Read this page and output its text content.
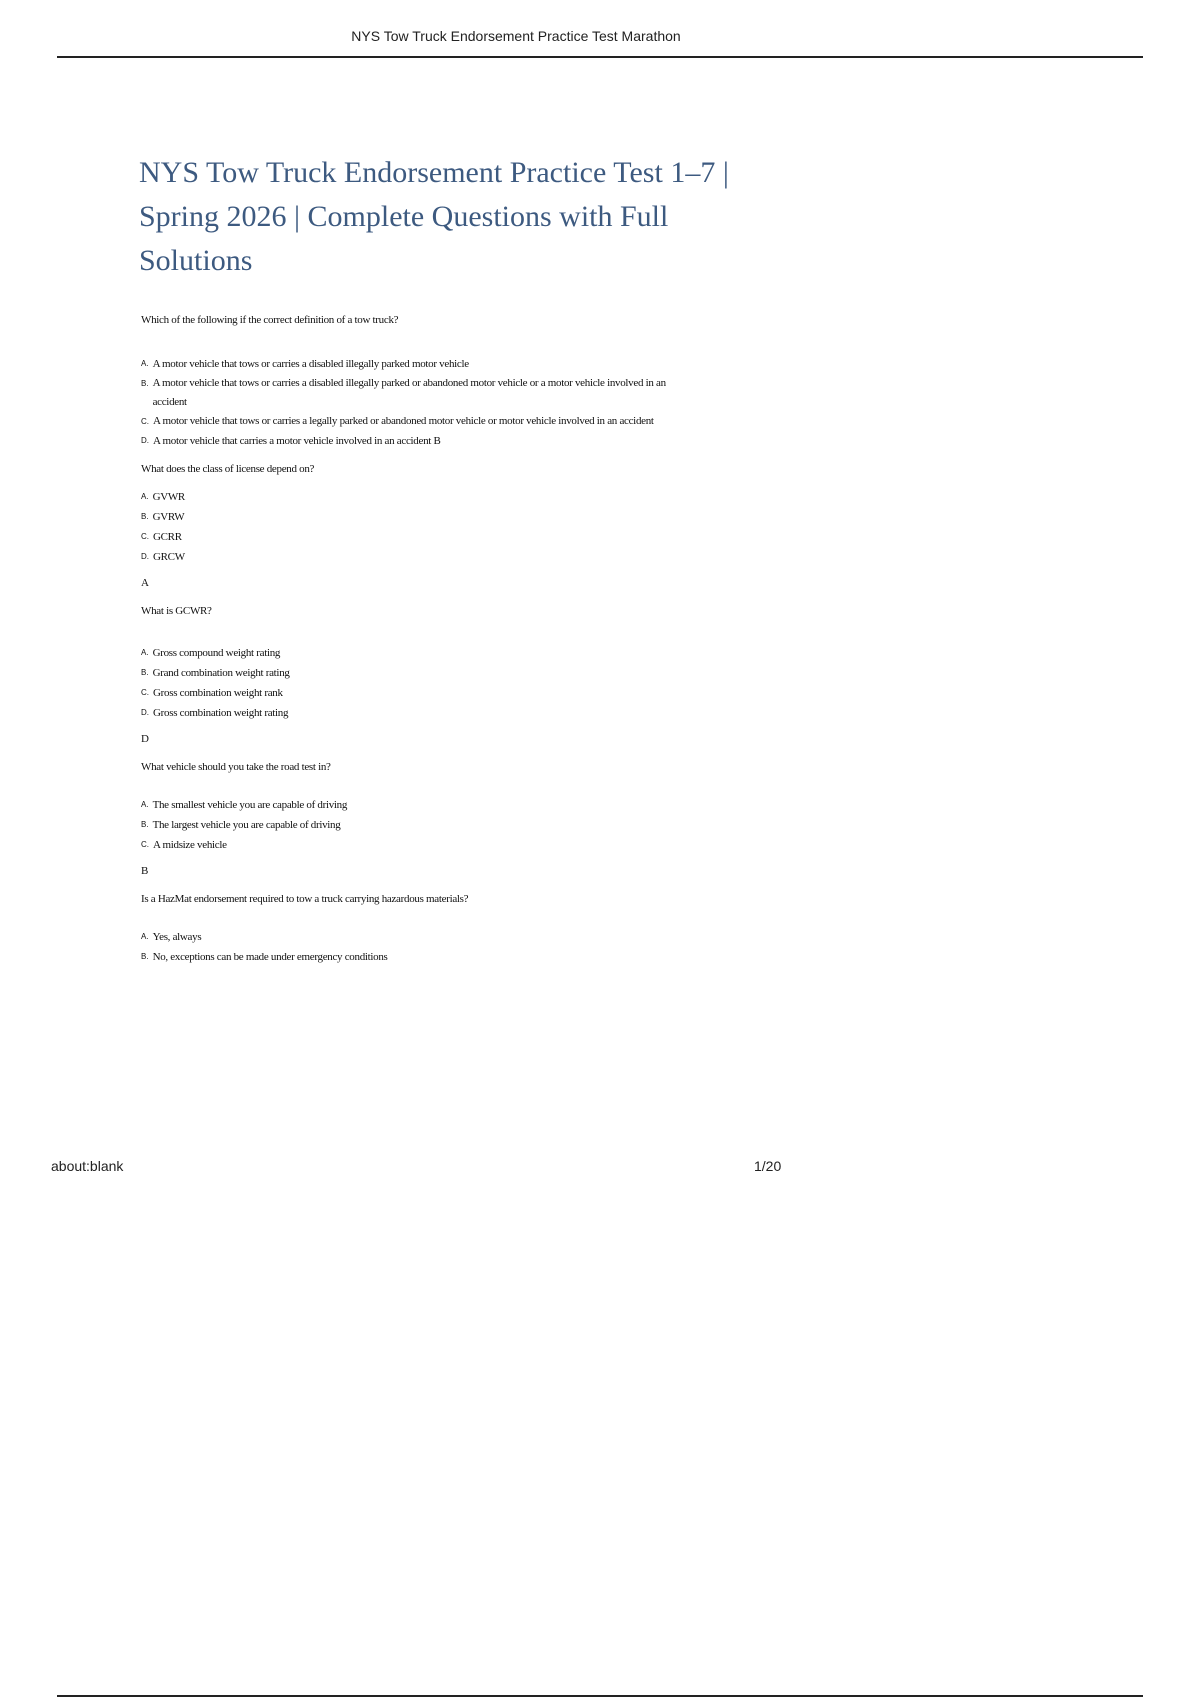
NYS Tow Truck Endorsement Practice Test Marathon
NYS Tow Truck Endorsement Practice Test 1–7 | Spring 2026 | Complete Questions with Full Solutions

Which of the following if the correct definition of a tow truck?

A. A motor vehicle that tows or carries a disabled illegally parked motor vehicle
B. A motor vehicle that tows or carries a disabled illegally parked or abandoned motor vehicle or a motor vehicle involved in an accident
C. A motor vehicle that tows or carries a legally parked or abandoned motor vehicle or motor vehicle involved in an accident
D. A motor vehicle that carries a motor vehicle involved in an accident B

What does the class of license depend on?

A. GVWR
B. GVRW
C. GCRR
D. GRCW

A

What is GCWR?

A. Gross compound weight rating
B. Grand combination weight rating
C. Gross combination weight rank
D. Gross combination weight rating

D

What vehicle should you take the road test in?

A. The smallest vehicle you are capable of driving
B. The largest vehicle you are capable of driving
C. A midsize vehicle

B

Is a HazMat endorsement required to tow a truck carrying hazardous materials?

A. Yes, always
B. No, exceptions can be made under emergency conditions
about:blank	1/20
